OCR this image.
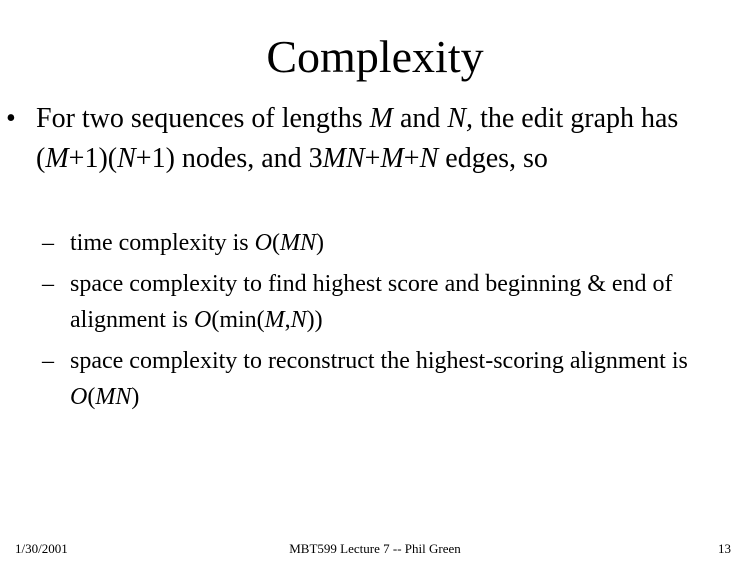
Complexity
• For two sequences of lengths M and N, the edit graph has (M+1)(N+1) nodes, and 3MN+M+N edges, so
– time complexity is O(MN)
– space complexity to find highest score and beginning & end of alignment is O(min(M,N))
– space complexity to reconstruct the highest-scoring alignment is O(MN)
1/30/2001	MBT599 Lecture 7 -- Phil Green	13
